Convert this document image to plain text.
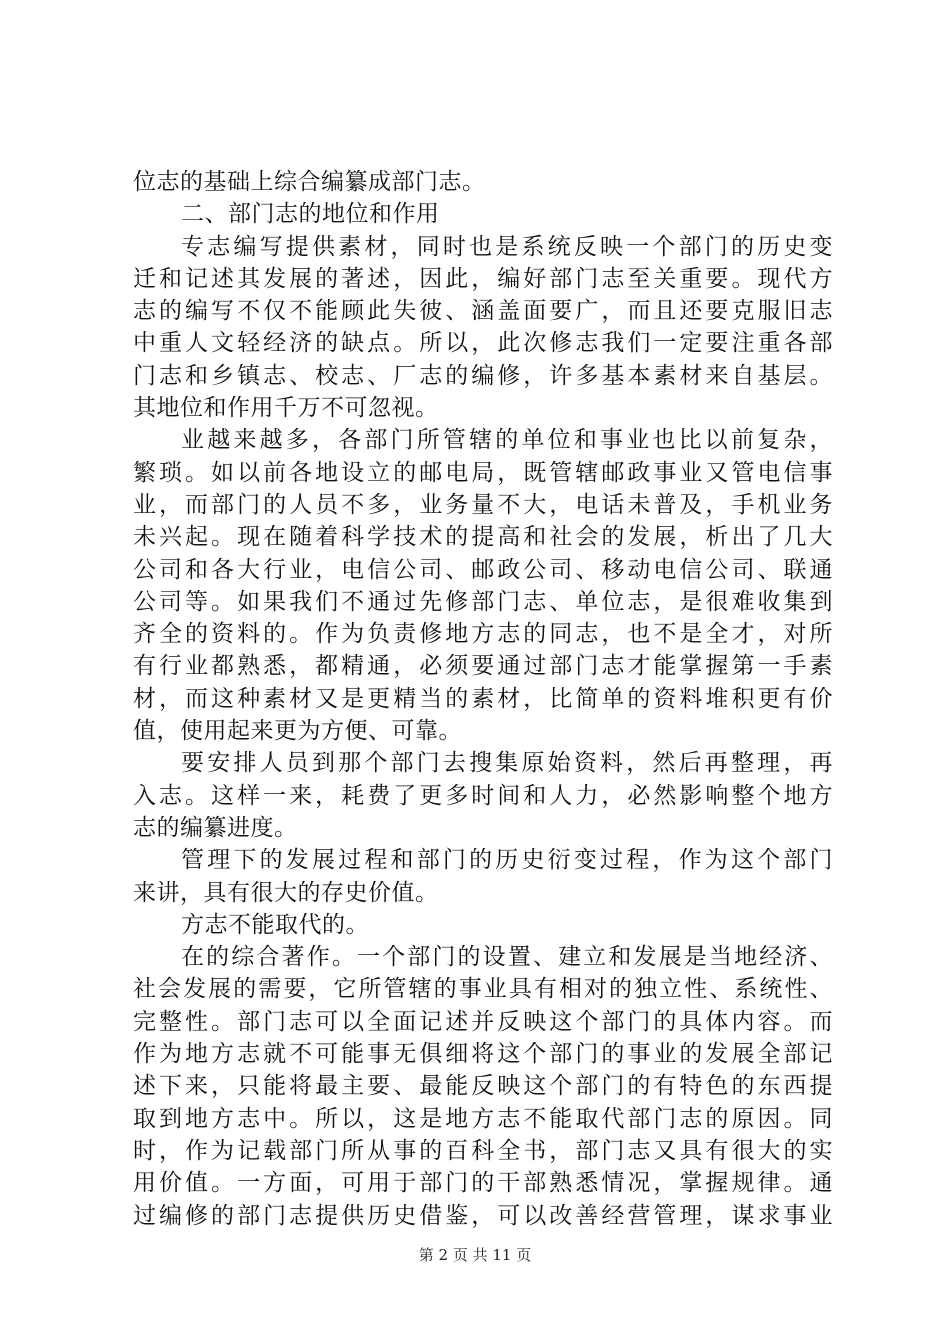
位志的基础上综合编纂成部门志。
二、部门志的地位和作用
专志编写提供素材，同时也是系统反映一个部门的历史变
迁和记述其发展的著述，因此，编好部门志至关重要。现代方
志的编写不仅不能顾此失彼、涵盖面要广，而且还要克服旧志
中重人文轻经济的缺点。所以，此次修志我们一定要注重各部
门志和乡镇志、校志、厂志的编修，许多基本素材来自基层。
其地位和作用千万不可忽视。
业越来越多，各部门所管辖的单位和事业也比以前复杂，
繁琐。如以前各地设立的邮电局，既管辖邮政事业又管电信事
业，而部门的人员不多，业务量不大，电话未普及，手机业务
未兴起。现在随着科学技术的提高和社会的发展，析出了几大
公司和各大行业，电信公司、邮政公司、移动电信公司、联通
公司等。如果我们不通过先修部门志、单位志，是很难收集到
齐全的资料的。作为负责修地方志的同志，也不是全才，对所
有行业都熟悉，都精通，必须要通过部门志才能掌握第一手素
材，而这种素材又是更精当的素材，比简单的资料堆积更有价
值，使用起来更为方便、可靠。
要安排人员到那个部门去搜集原始资料，然后再整理，再
入志。这样一来，耗费了更多时间和人力，必然影响整个地方
志的编纂进度。
管理下的发展过程和部门的历史衍变过程，作为这个部门
来讲，具有很大的存史价值。
方志不能取代的。
在的综合著作。一个部门的设置、建立和发展是当地经济、
社会发展的需要，它所管辖的事业具有相对的独立性、系统性、
完整性。部门志可以全面记述并反映这个部门的具体内容。而
作为地方志就不可能事无俱细将这个部门的事业的发展全部记
述下来，只能将最主要、最能反映这个部门的有特色的东西提
取到地方志中。所以，这是地方志不能取代部门志的原因。同
时，作为记载部门所从事的百科全书，部门志又具有很大的实
用价值。一方面，可用于部门的干部熟悉情况，掌握规律。通
过编修的部门志提供历史借鉴，可以改善经营管理，谋求事业
第 2 页 共 11 页
